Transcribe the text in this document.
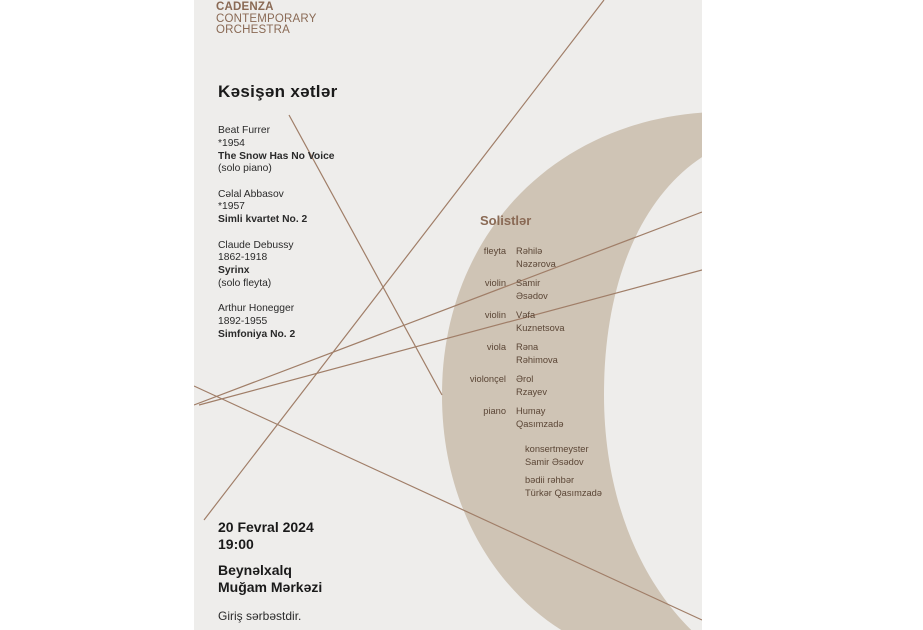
CADENZA
CONTEMPORARY
ORCHESTRA
Kəsişən xətlər
Beat Furrer
*1954
The Snow Has No Voice
(solo piano)
Cəlal Abbasov
*1957
Simli kvartet No. 2
Claude Debussy
1862-1918
Syrinx
(solo fleyta)
Arthur Honegger
1892-1955
Simfoniya No. 2
Solistlər
fleyta Rəhilə
Nəzərova
violin Samir
Əsədov
violin Vəfa
Kuznetsova
viola Rəna
Rəhimova
violonçel Ərol
Rzayev
piano Humay
Qasımzadə
konsertmeyster
Samir Əsədov
bədii rəhbər
Türkər Qasımzadə
20 Fevral 2024
19:00
Beynəlxalq
Muğam Mərkəzi
Giriş sərbəstdir.
